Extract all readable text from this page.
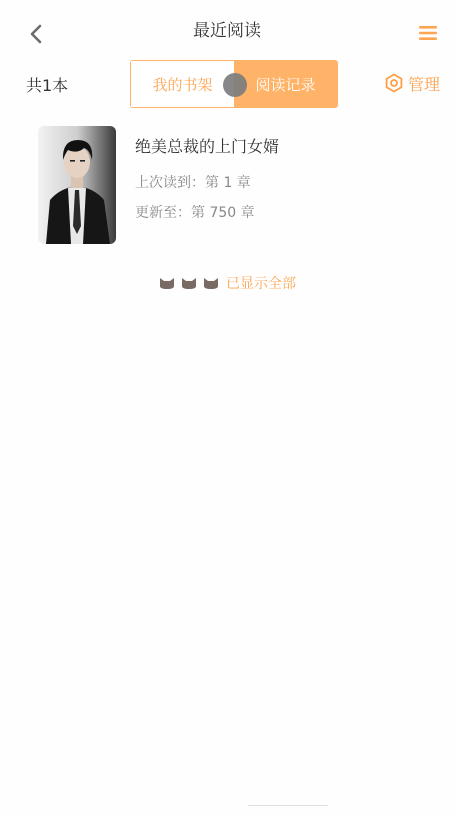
最近阅读
共1本	我的书架	阅读记录	管理
绝美总裁的上门女婿
上次读到：第 1 章
更新至：第 750 章
已显示全部
